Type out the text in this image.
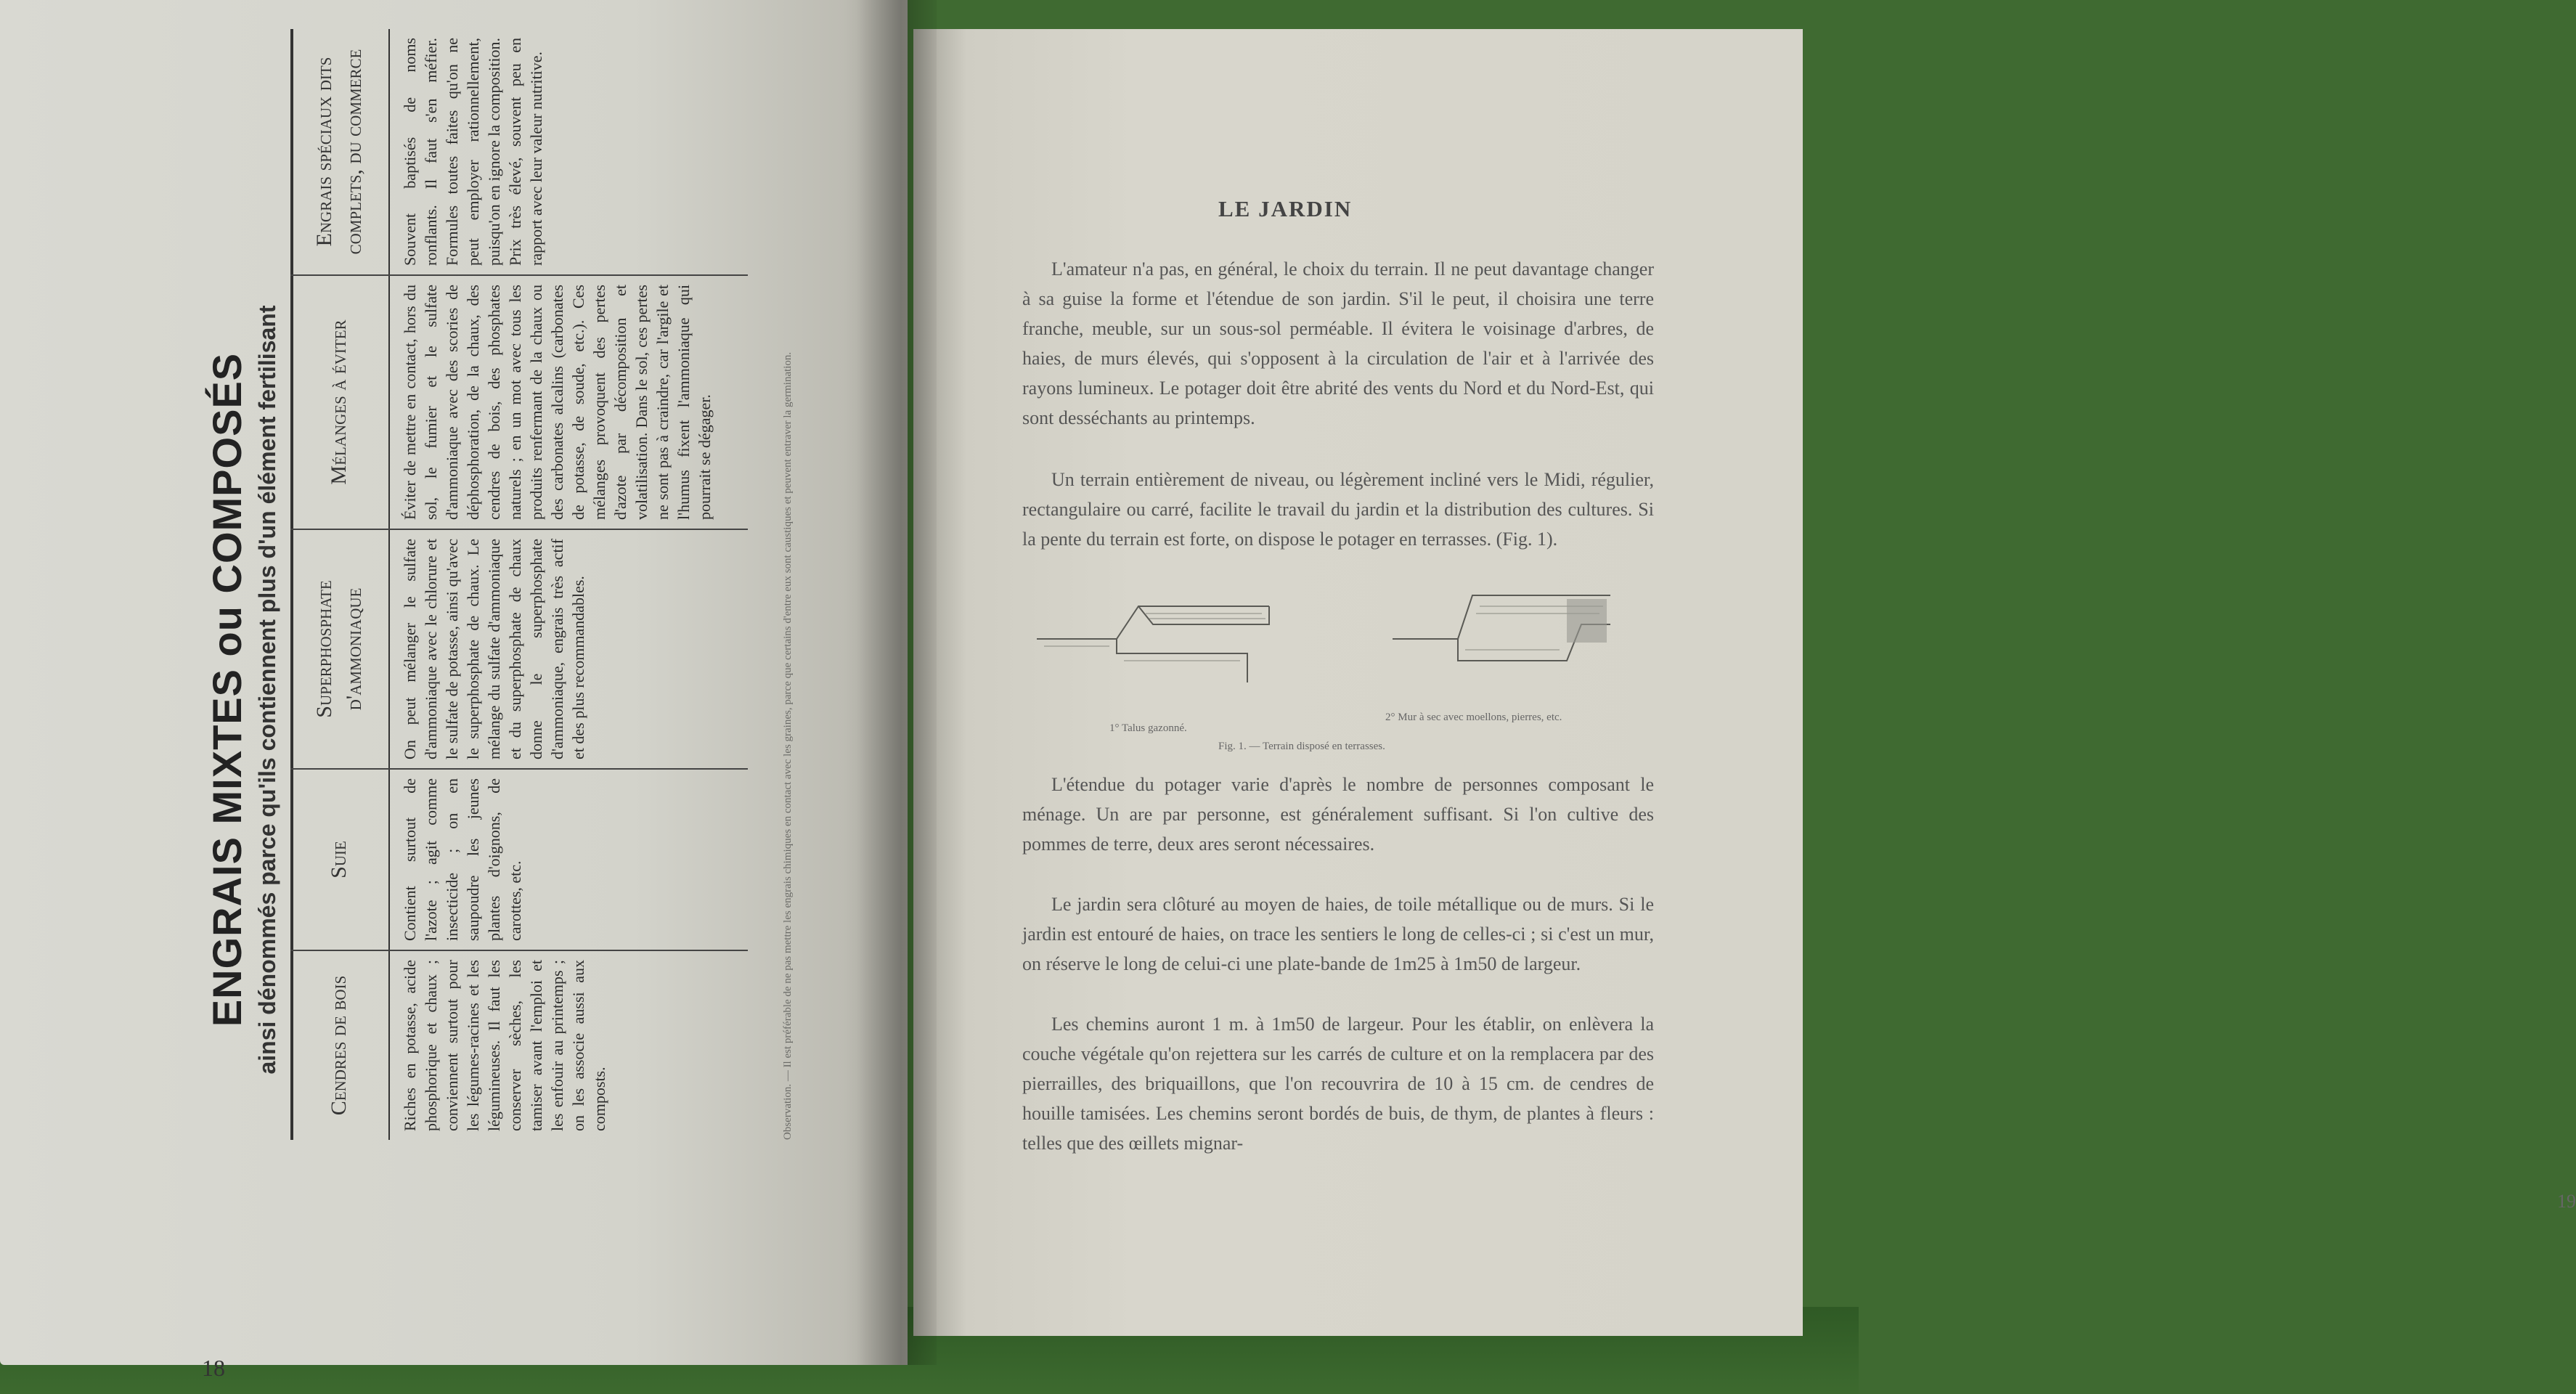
ENGRAIS MIXTES ou COMPOSÉS ainsi dénommés parce qu'ils contiennent plus d'un élément fertilisant	Cendres de bois
Suie
Superphosphate d'ammoniaque
Mélanges à éviter
Engrais spéciaux dits complets, du commerce
Riches en potasse, acide phosphorique et chaux ; conviennent surtout pour les légumes-racines et les légumineuses. Il faut les conserver sèches, les tamiser avant l'emploi et les enfouir au printemps ; on les associe aussi aux composts.
Contient surtout de l'azote ; agit comme insecticide ; on en saupoudre les jeunes plantes d'oignons, de carottes, etc.
On peut mélanger le sulfate d'ammoniaque avec le chlorure et le sulfate de potasse, ainsi qu'avec le superphosphate de chaux. Le mélange du sulfate d'ammoniaque et du superphosphate de chaux donne le superphosphate d'ammoniaque, engrais très actif et des plus recommandables.
Éviter de mettre en contact, hors du sol, le fumier et le sulfate d'ammoniaque avec des scories de déphosphoration, de la chaux, des cendres de bois, des phosphates naturels ; en un mot avec tous les produits renfermant de la chaux ou des carbonates alcalins (carbonates de potasse, de soude, etc.). Ces mélanges provoquent des pertes d'azote par décomposition et volatilisation. Dans le sol, ces pertes ne sont pas à craindre, car l'argile et l'humus fixent l'ammoniaque qui pourrait se dégager.
Souvent baptisés de noms ronflants. Il faut s'en méfier. Formules toutes faites qu'on ne peut employer rationnellement, puisqu'on en ignore la composition. Prix très élevé, souvent peu en rapport avec leur valeur nutritive.
Observation. — Il est préférable de ne pas mettre les engrais chimiques en contact avec les graines, parce que certains d'entre eux sont caustiques et peuvent entraver la germination.
18
LE JARDIN
L'amateur n'a pas, en général, le choix du terrain. Il ne peut davantage changer à sa guise la forme et l'étendue de son jardin. S'il le peut, il choisira une terre franche, meuble, sur un sous-sol perméable. Il évitera le voisinage d'arbres, de haies, de murs élevés, qui s'opposent à la circulation de l'air et à l'arrivée des rayons lumineux. Le potager doit être abrité des vents du Nord et du Nord-Est, qui sont desséchants au printemps.
Un terrain entièrement de niveau, ou légèrement incliné vers le Midi, régulier, rectangulaire ou carré, facilite le travail du jardin et la distribution des cultures. Si la pente du terrain est forte, on dispose le potager en terrasses. (Fig. 1).
1° Talus gazonné.
2° Mur à sec avec moellons, pierres, etc.
Fig. 1. — Terrain disposé en terrasses.
L'étendue du potager varie d'après le nombre de personnes composant le ménage. Un are par personne, est généralement suffisant. Si l'on cultive des pommes de terre, deux ares seront nécessaires.
Le jardin sera clôturé au moyen de haies, de toile métallique ou de murs. Si le jardin est entouré de haies, on trace les sentiers le long de celles-ci ; si c'est un mur, on réserve le long de celui-ci une plate-bande de 1m25 à 1m50 de largeur.
Les chemins auront 1 m. à 1m50 de largeur. Pour les établir, on enlèvera la couche végétale qu'on rejettera sur les carrés de culture et on la remplacera par des pierrailles, des briquaillons, que l'on recouvrira de 10 à 15 cm. de cendres de houille tamisées. Les chemins seront bordés de buis, de thym, de plantes à fleurs : telles que des œillets mignar-
19
